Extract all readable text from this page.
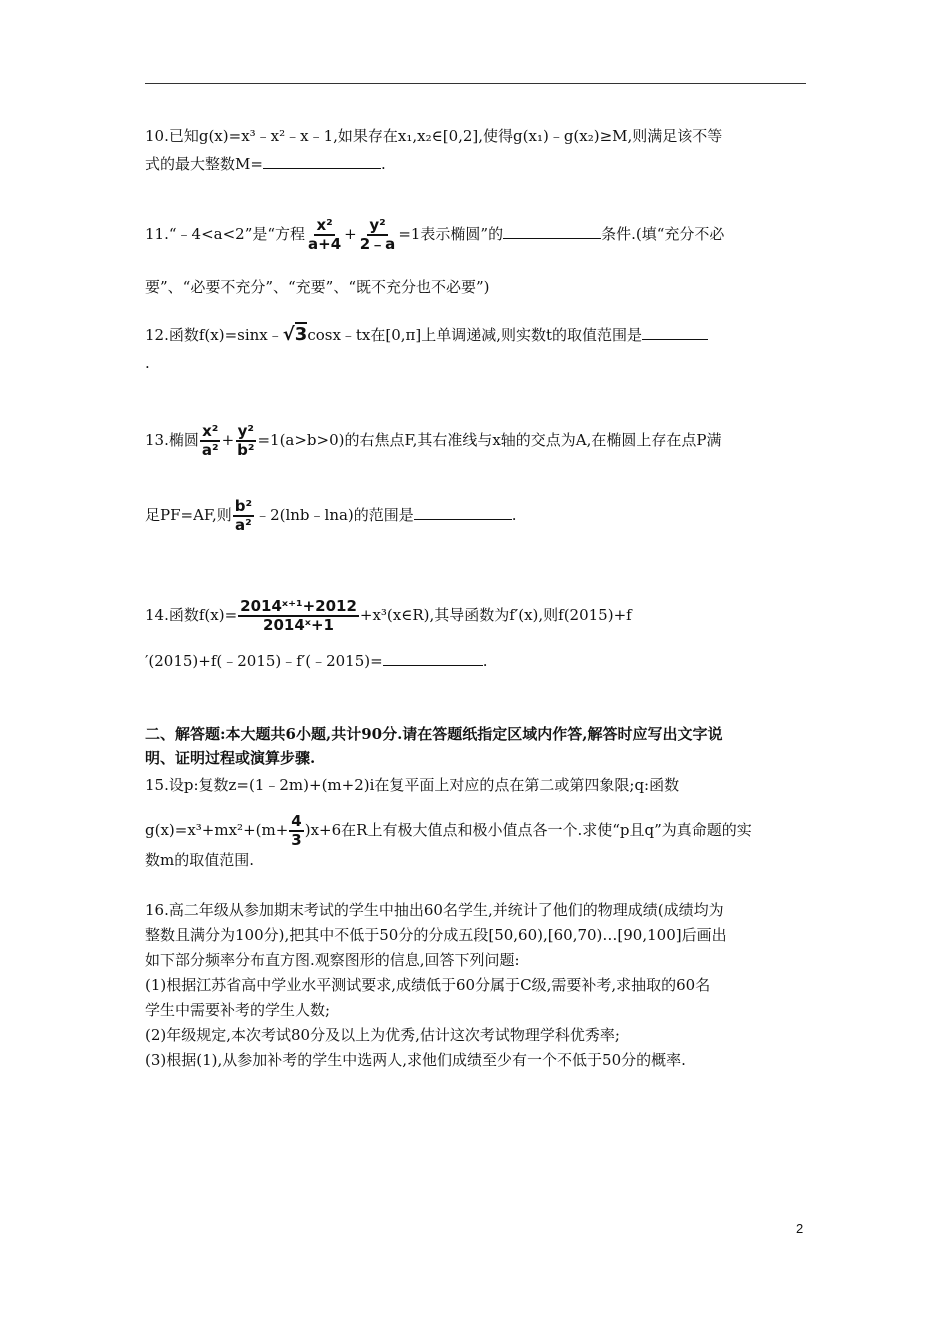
10.已知g(x)=x³﹣x²﹣x﹣1,如果存在x₁,x₂∈[0,2],使得g(x₁)﹣g(x₂)≥M,则满足该不等
式的最大整数M=	.
11.“﹣4<a<2”是“方程 $\frac{\text{x²}}{a+4} + \frac{\text{y²}}{2﹣a} =1$表示椭圆”的	条件.(填“充分不必
要”、“必要不充分”、“充要”、“既不充分也不必要”)
12.函数f(x)=sinx﹣√3cosx﹣tx在[0,π]上单调递减,则实数t的取值范围是
.
13.椭圆 $\frac{\text{x²}}{\text{a²}} + \frac{\text{y²}}{\text{b²}} =1(a>b>0)$的右焦点F,其右准线与x轴的交点为A,在椭圆上存在点P满
足PF=AF,则 $\frac{\text{b²}}{\text{a²}}$ ﹣2(lnb﹣lna)的范围是	.
14.函数$f(x)= \frac{\text{2014ˣ⁺¹+2012}}{\text{2014ˣ+1}}$ +x³(x∈R),其导函数为f′(x),则f(2015)+f
′(2015)+f(﹣2015)﹣f′(﹣2015)=	.
二、解答题:本大题共6小题,共计90分.请在答题纸指定区域内作答,解答时应写出文字说
明、证明过程或演算步骤.
15.设p:复数z=(1﹣2m)+(m+2)i在复平面上对应的点在第二或第四象限;q:函数
$g(x)=x^3+mx^2+(m+ \frac{4}{3} )x+6$在R上有极大值点和极小值点各一个.求使“p且q”为真命题的实
数m的取值范围.
16.高二年级从参加期末考试的学生中抽出60名学生,并统计了他们的物理成绩(成绩均为
整数且满分为100分),把其中不低于50分的分成五段[50,60),[60,70)…[90,100]后画出
如下部分频率分布直方图.观察图形的信息,回答下列问题:
(1)根据江苏省高中学业水平测试要求,成绩低于60分属于C级,需要补考,求抽取的60名
学生中需要补考的学生人数;
(2)年级规定,本次考试80分及以上为优秀,估计这次考试物理学科优秀率;
(3)根据(1),从参加补考的学生中选两人,求他们成绩至少有一个不低于50分的概率.
2
